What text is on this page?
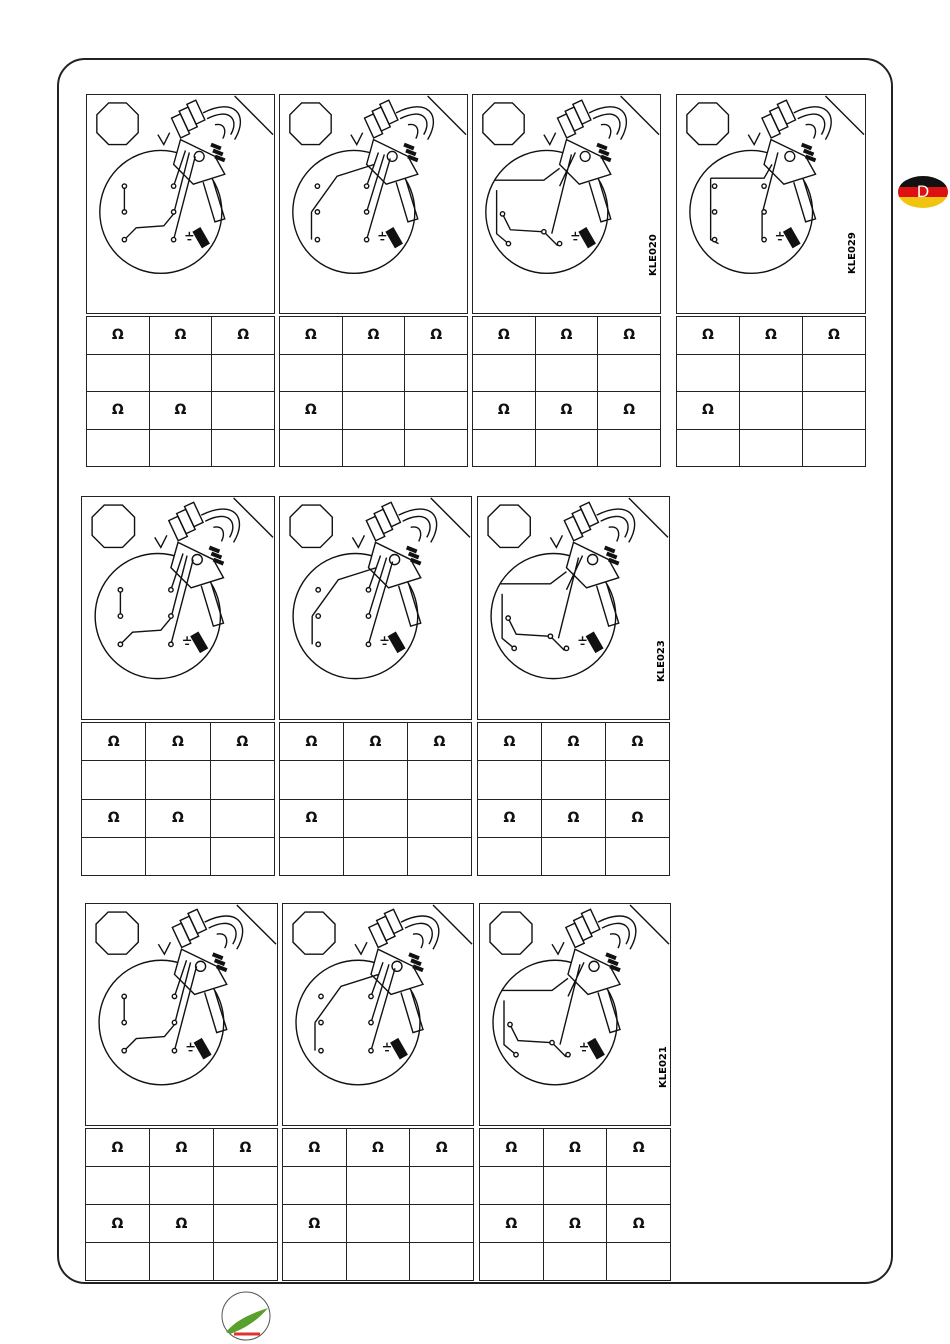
D
Ω	Ω	Ω

Ω	Ω	

Ω	Ω	Ω

Ω		

Ω	Ω	Ω

Ω	Ω	Ω

Ω	Ω	Ω

Ω		

Ω	Ω	Ω

Ω	Ω	

Ω	Ω	Ω

Ω		

Ω	Ω	Ω

Ω	Ω	Ω

Ω	Ω	Ω

Ω	Ω	

Ω	Ω	Ω

Ω		

Ω	Ω	Ω

Ω	Ω	Ω

KLE020	KLE029
KLE023
KLE021
